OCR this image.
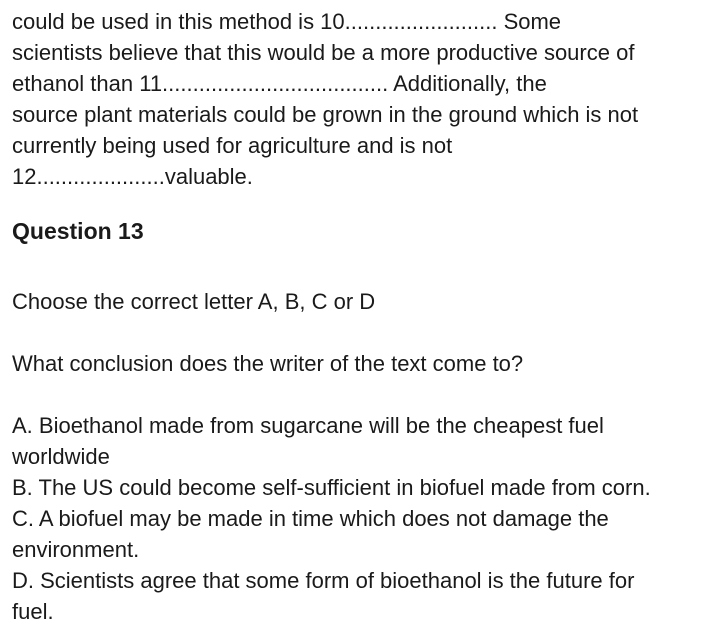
could be used in this method is 10......................... Some

scientists believe that this would be a more productive source of

ethanol than 11..................................... Additionally, the

source plant materials could be grown in the ground which is not

currently being used for agriculture and is not

12.....................valuable.

Question 13

Choose the correct letter A, B, C or D

What conclusion does the writer of the text come to?

A. Bioethanol made from sugarcane will be the cheapest fuel

worldwide

B. The US could become self-sufficient in biofuel made from corn.

C. A biofuel may be made in time which does not damage the

environment.

D. Scientists agree that some form of bioethanol is the future for

fuel.
